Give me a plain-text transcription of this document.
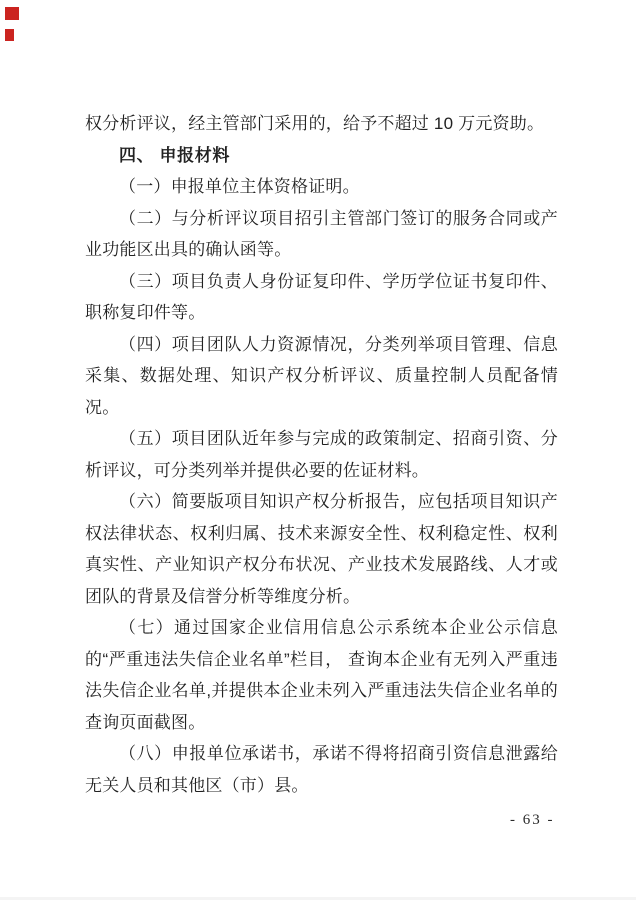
权分析评议，经主管部门采用的，给予不超过 10 万元资助。

四、 申报材料

（一）申报单位主体资格证明。

（二）与分析评议项目招引主管部门签订的服务合同或产业功能区出具的确认函等。

（三）项目负责人身份证复印件、学历学位证书复印件、职称复印件等。

（四）项目团队人力资源情况，分类列举项目管理、信息采集、数据处理、知识产权分析评议、质量控制人员配备情况。

（五）项目团队近年参与完成的政策制定、招商引资、分析评议，可分类列举并提供必要的佐证材料。

（六）简要版项目知识产权分析报告，应包括项目知识产权法律状态、权利归属、技术来源安全性、权利稳定性、权利真实性、产业知识产权分布状况、产业技术发展路线、人才或团队的背景及信誉分析等维度分析。

（七）通过国家企业信用信息公示系统本企业公示信息的“严重违法失信企业名单”栏目， 查询本企业有无列入严重违法失信企业名单,并提供本企业未列入严重违法失信企业名单的查询页面截图。

（八）申报单位承诺书，承诺不得将招商引资信息泄露给无关人员和其他区（市）县。

- 63 -
